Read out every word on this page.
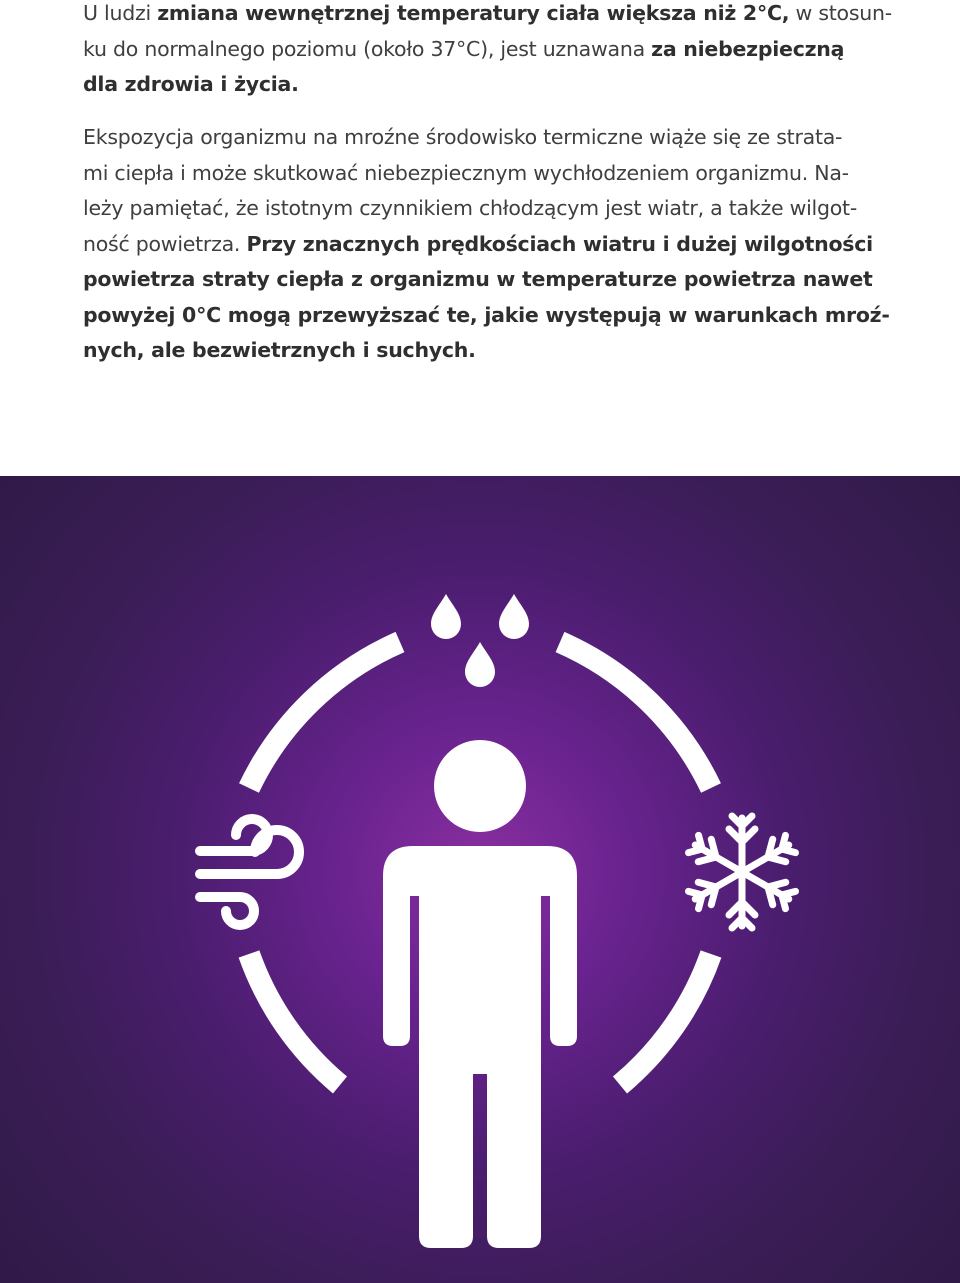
U ludzi zmiana wewnętrznej temperatury ciała większa niż 2°C, w stosun-
ku do normalnego poziomu (około 37°C), jest uznawana za niebezpieczną
dla zdrowia i życia.

Ekspozycja organizmu na mroźne środowisko termiczne wiąże się ze strata-
mi ciepła i może skutkować niebezpiecznym wychłodzeniem organizmu. Na-
leży pamiętać, że istotnym czynnikiem chłodzącym jest wiatr, a także wilgot-
ność powietrza. Przy znacznych prędkościach wiatru i dużej wilgotności
powietrza straty ciepła z organizmu w temperaturze powietrza nawet
powyżej 0°C mogą przewyższać te, jakie występują w warunkach mroź-
nych, ale bezwietrznych i suchych.
